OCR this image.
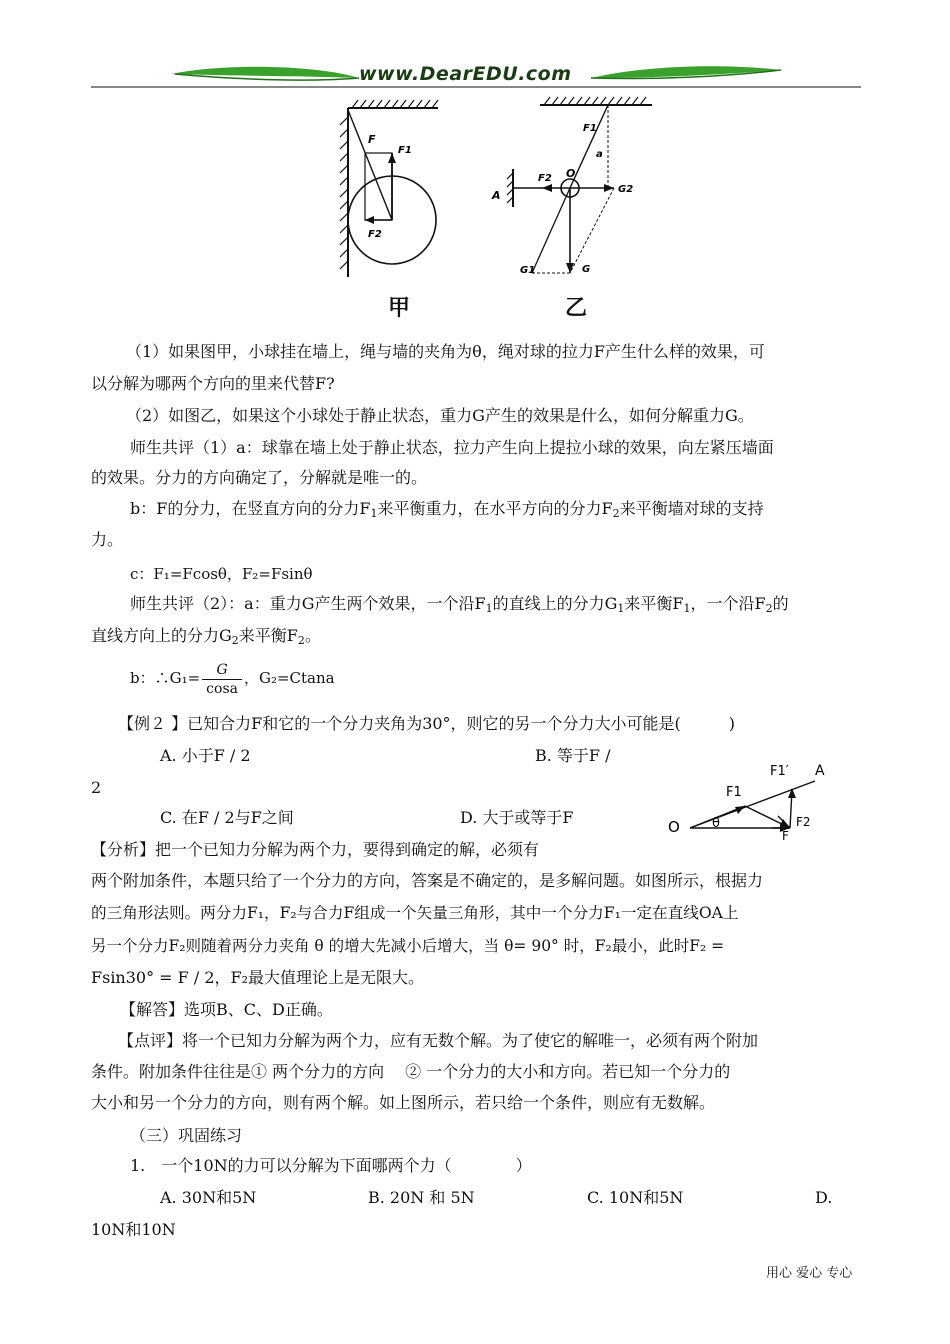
www.DearEDU.com
F
F1
F2
F1
O
a
A
F2
G2
G1	G
甲	乙
（1）如果图甲，小球挂在墙上，绳与墙的夹角为θ，绳对球的拉力F产生什么样的效果，可
以分解为哪两个方向的里来代替F?
（2）如图乙，如果这个小球处于静止状态，重力G产生的效果是什么，如何分解重力G。
师生共评（1）a：球靠在墙上处于静止状态，拉力产生向上提拉小球的效果，向左紧压墙面
的效果。分力的方向确定了，分解就是唯一的。
b：F的分力，在竖直方向的分力$F_1$来平衡重力，在水平方向的分力$F_2$来平衡墙对球的支持
力。
c：F₁=Fcosθ，F₂=Fsinθ
师生共评（2）：a：重力G产生两个效果，一个沿$F_1$的直线上的分力$G_1$来平衡$F_1$，一个沿$F_2$的
直线方向上的分力$G_2$来平衡$F_2$。
b：∴G₁= $\frac{G}{\cos a}$ ，G₂=Ctana
【例２ 】已知合力F和它的一个分力夹角为30°，则它的另一个分力大小可能是(　　　)
A. 小于F / 2	B. 等于F /
2
C. 在F / 2与F之间	D. 大于或等于F
F1′ A
F1
O θ	F2
F
【分析】把一个已知力分解为两个力，要得到确定的解，必须有
两个附加条件，本题只给了一个分力的方向，答案是不确定的，是多解问题。如图所示，根据力
的三角形法则。两分力F₁，F₂与合力F组成一个矢量三角形，其中一个分力F₁一定在直线OA上
另一个分力F₂则随着两分力夹角 θ 的增大先减小后增大，当 θ= 90° 时，F₂最小，此时F₂ =
Fsin30° = F / 2，F₂最大值理论上是无限大。
【解答】选项B、C、D正确。
【点评】将一个已知力分解为两个力，应有无数个解。为了使它的解唯一，必须有两个附加
条件。附加条件往往是① 两个分力的方向 　② 一个分力的大小和方向。若已知一个分力的
大小和另一个分力的方向，则有两个解。如上图所示，若只给一个条件，则应有无数解。
（三）巩固练习
1.　一个10N的力可以分解为下面哪两个力（　　　　）
A. 30N和5N	B. 20N 和 5N	C. 10N和5N	D.
10N和10N
用心 爱心 专心
